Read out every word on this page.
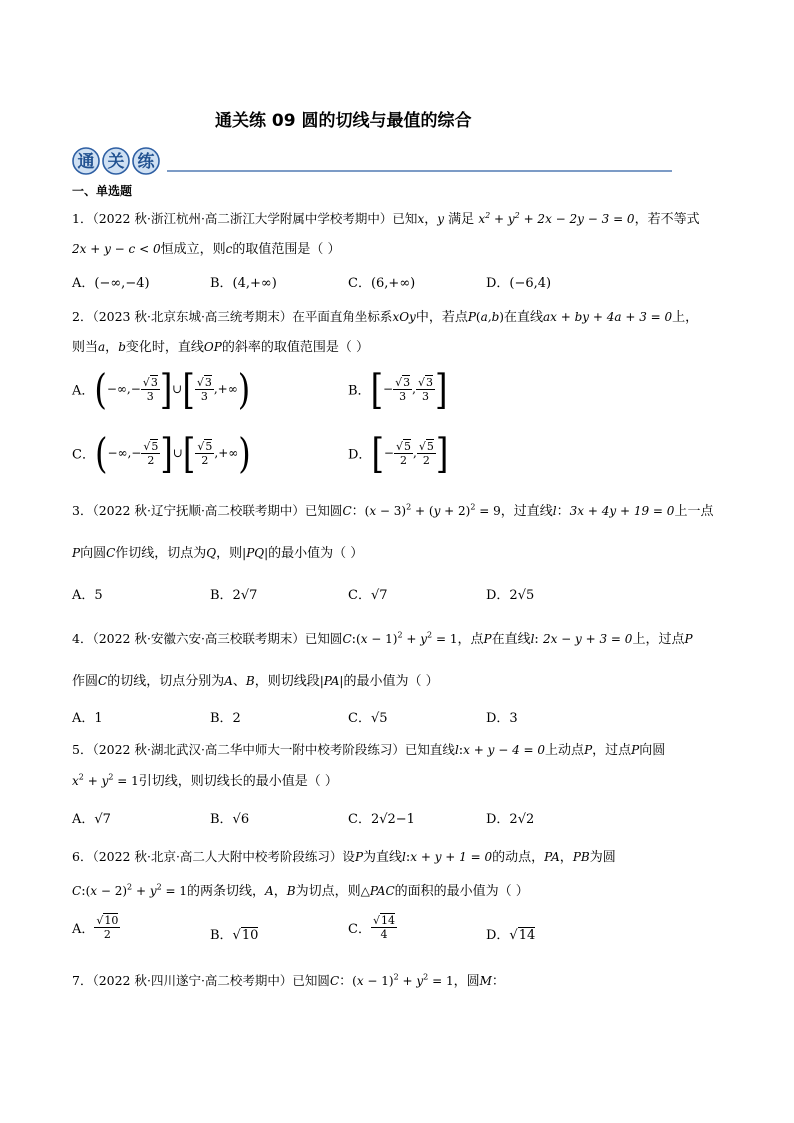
通关练 09 圆的切线与最值的综合
通 关 练
一、单选题
1．（2022 秋·浙江杭州·高二浙江大学附属中学校考期中）已知x，y 满足 $x^2 + y^2 + 2x - 2y - 3 = 0$，若不等式
2x + y − c < 0恒成立，则c的取值范围是（ ）
A．(−∞,−4)	B．(4,+∞)	C．(6,+∞)	D．(−6,4)
2．（2023 秋·北京东城·高三统考期末）在平面直角坐标系xOy中，若点P(a,b)在直线ax + by + 4a + 3 = 0上，
则当a，b变化时，直线OP的斜率的取值范围是（ ）
A．(−∞,− $\frac{√3}{3}$ ]∪[ $\frac{√3}{3}$ ,+∞)	B．[− $\frac{√3}{3}$ , $\frac{√3}{3}$ ]
C．(−∞,− $\frac{√5}{2}$ ]∪[ $\frac{√5}{2}$ ,+∞)	D．[− $\frac{√5}{2}$ , $\frac{√5}{2}$ ]
3．（2022 秋·辽宁抚顺·高二校联考期中）已知圆C：$(x - 3)^2 + (y + 2)^2 = 9$，过直线l：3x + 4y + 19 = 0上一点
P向圆C作切线，切点为Q，则|PQ|的最小值为（ ）
A．5	B．2√7	C．√7	D．2√5
4．（2022 秋·安徽六安·高三校联考期末）已知圆C:(x − $1)^2 + y^2 = 1$，点P在直线l: 2x − y + 3 = 0上，过点P
作圆C的切线，切点分别为A、B，则切线段|PA|的最小值为（ ）
A．1	B．2	C．√5	D．3
5．（2022 秋·湖北武汉·高二华中师大一附中校考阶段练习）已知直线l:x + y − 4 = 0上动点P，过点P向圆
$x^2 + y^2 = 1$引切线，则切线长的最小值是（ ）
A．√7	B．√6	C．2√2−1	D．2√2
6．（2022 秋·北京·高二人大附中校考阶段练习）设P为直线l:x + y + 1 = 0的动点，PA，PB为圆
C:(x − $2)^2 + y^2 = 1$的两条切线，A，B为切点，则△PAC的面积的最小值为（ ）
A． $\frac{√10}{2}$	B．√10	C． $\frac{√14}{4}$	D．√14
7．（2022 秋·四川遂宁·高二校考期中）已知圆C：$(x - 1)^2 + y^2 = 1$，圆M：
